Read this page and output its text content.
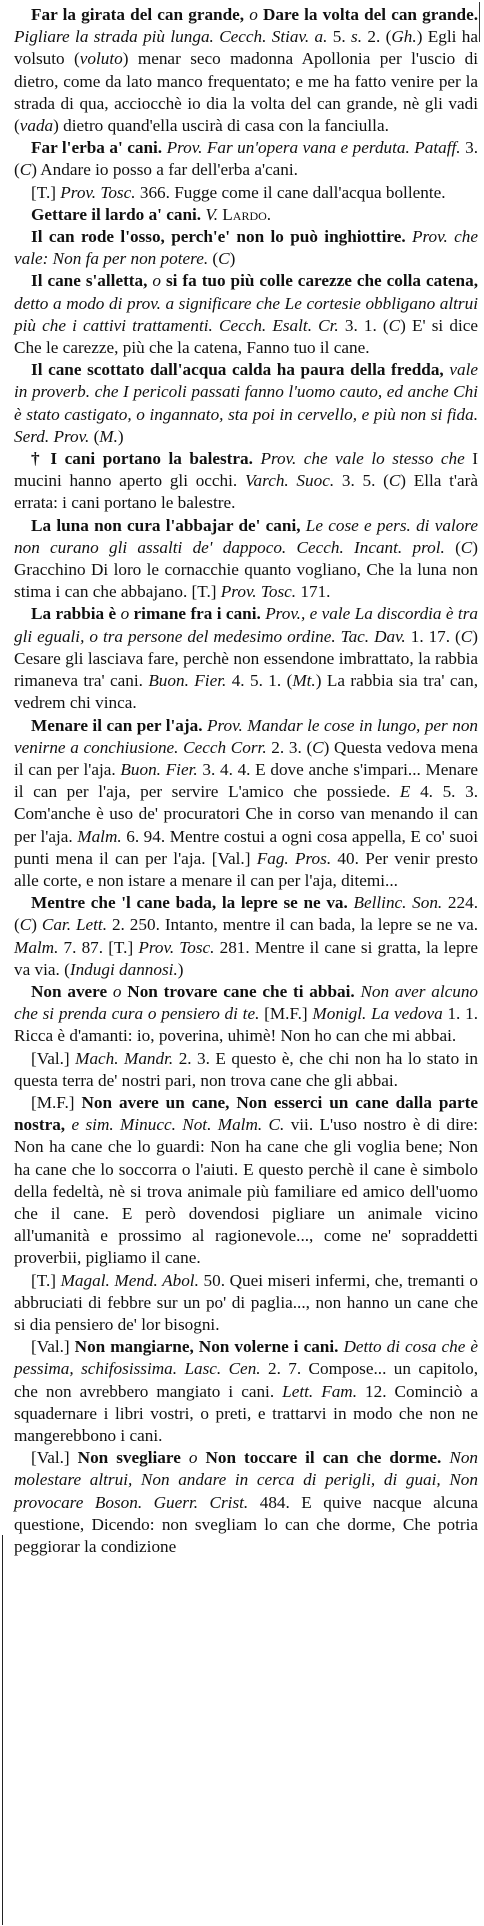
Far la girata del can grande, o Dare la volta del can grande. Pigliare la strada più lunga. Cecch. Stiav. a. 5. s. 2. (Gh.) Egli ha volsuto (voluto) menar seco madonna Apollonia per l'uscio di dietro, come da lato manco frequentato; e me ha fatto venire per la strada di qua, acciocchè io dia la volta del can grande, nè gli vadi (vada) dietro quand'ella uscirà di casa con la fanciulla.

Far l'erba a' cani. Prov. Far un'opera vana e perduta. Pataff. 3. (C) Andare io posso a far dell'erba a'cani.

[T.] Prov. Tosc. 366. Fugge come il cane dall'acqua bollente.

Gettare il lardo a' cani. V. Lardo.

Il can rode l'osso, perch'e' non lo può inghiottire. Prov. che vale: Non fa per non potere. (C)

Il cane s'alletta, o si fa tuo più colle carezze che colla catena, detto a modo di prov. a significare che Le cortesie obbligano altrui più che i cattivi trattamenti. Cecch. Esalt. Cr. 3. 1. (C) E' si dice Che le carezze, più che la catena, Fanno tuo il cane.

Il cane scottato dall'acqua calda ha paura della fredda, vale in proverb. che I pericoli passati fanno l'uomo cauto, ed anche Chi è stato castigato, o ingannato, sta poi in cervello, e più non si fida. Serd. Prov. (M.)

† I cani portano la balestra. Prov. che vale lo stesso che I mucini hanno aperto gli occhi. Varch. Suoc. 3. 5. (C) Ella t'arà errata: i cani portano le balestre.

La luna non cura l'abbajar de' cani, Le cose e pers. di valore non curano gli assalti de' dappoco. Cecch. Incant. prol. (C) Gracchino Di loro le cornacchie quanto vogliano, Che la luna non stima i can che abbajano. [T.] Prov. Tosc. 171.

La rabbia è o rimane fra i cani. Prov., e vale La discordia è tra gli eguali, o tra persone del medesimo ordine. Tac. Dav. 1. 17. (C) Cesare gli lasciava fare, perchè non essendone imbrattato, la rabbia rimaneva tra' cani. Buon. Fier. 4. 5. 1. (Mt.) La rabbia sia tra' can, vedrem chi vinca.

Menare il can per l'aja. Prov. Mandar le cose in lungo, per non venirne a conchiusione. Cecch Corr. 2. 3. (C) Questa vedova mena il can per l'aja. Buon. Fier. 3. 4. 4. E dove anche s'impari... Menare il can per l'aja, per servire L'amico che possiede. E 4. 5. 3. Com'anche è uso de' procuratori Che in corso van menando il can per l'aja. Malm. 6. 94. Mentre costui a ogni cosa appella, E co' suoi punti mena il can per l'aja. [Val.] Fag. Pros. 40. Per venir presto alle corte, e non istare a menare il can per l'aja, ditemi...

Mentre che 'l cane bada, la lepre se ne va. Bellinc. Son. 224. (C) Car. Lett. 2. 250. Intanto, mentre il can bada, la lepre se ne va. Malm. 7. 87. [T.] Prov. Tosc. 281. Mentre il cane si gratta, la lepre va via. (Indugi dannosi.)

Non avere o Non trovare cane che ti abbai. Non aver alcuno che si prenda cura o pensiero di te. [M.F.] Monigl. La vedova 1. 1. Ricca è d'amanti: io, poverina, uhimè! Non ho can che mi abbai.

[Val.] Mach. Mandr. 2. 3. E questo è, che chi non ha lo stato in questa terra de' nostri pari, non trova cane che gli abbai.

[M.F.] Non avere un cane, Non esserci un cane dalla parte nostra, e sim. Minucc. Not. Malm. C. vii. L'uso nostro è di dire: Non ha cane che lo guardi: Non ha cane che gli voglia bene; Non ha cane che lo soccorra o l'aiuti. E questo perchè il cane è simbolo della fedeltà, nè si trova animale più familiare ed amico dell'uomo che il cane. E però dovendosi pigliare un animale vicino all'umanità e prossimo al ragionevole..., come ne' sopraddetti proverbii, pigliamo il cane.

[T.] Magal. Mend. Abol. 50. Quei miseri infermi, che, tremanti o abbruciati di febbre sur un po' di paglia..., non hanno un cane che si dia pensiero de' lor bisogni.

[Val.] Non mangiarne, Non volerne i cani. Detto di cosa che è pessima, schifosissima. Lasc. Cen. 2. 7. Compose... un capitolo, che non avrebbero mangiato i cani. Lett. Fam. 12. Cominciò a squadernare i libri vostri, o preti, e trattarvi in modo che non ne mangerebbono i cani.

[Val.] Non svegliare o Non toccare il can che dorme. Non molestare altrui, Non andare in cerca di perigli, di guai, Non provocare Boson. Guerr. Crist. 484. E quive nacque alcuna questione, Dicendo: non svegliam lo can che dorme, Che potria peggiorar la condizione
